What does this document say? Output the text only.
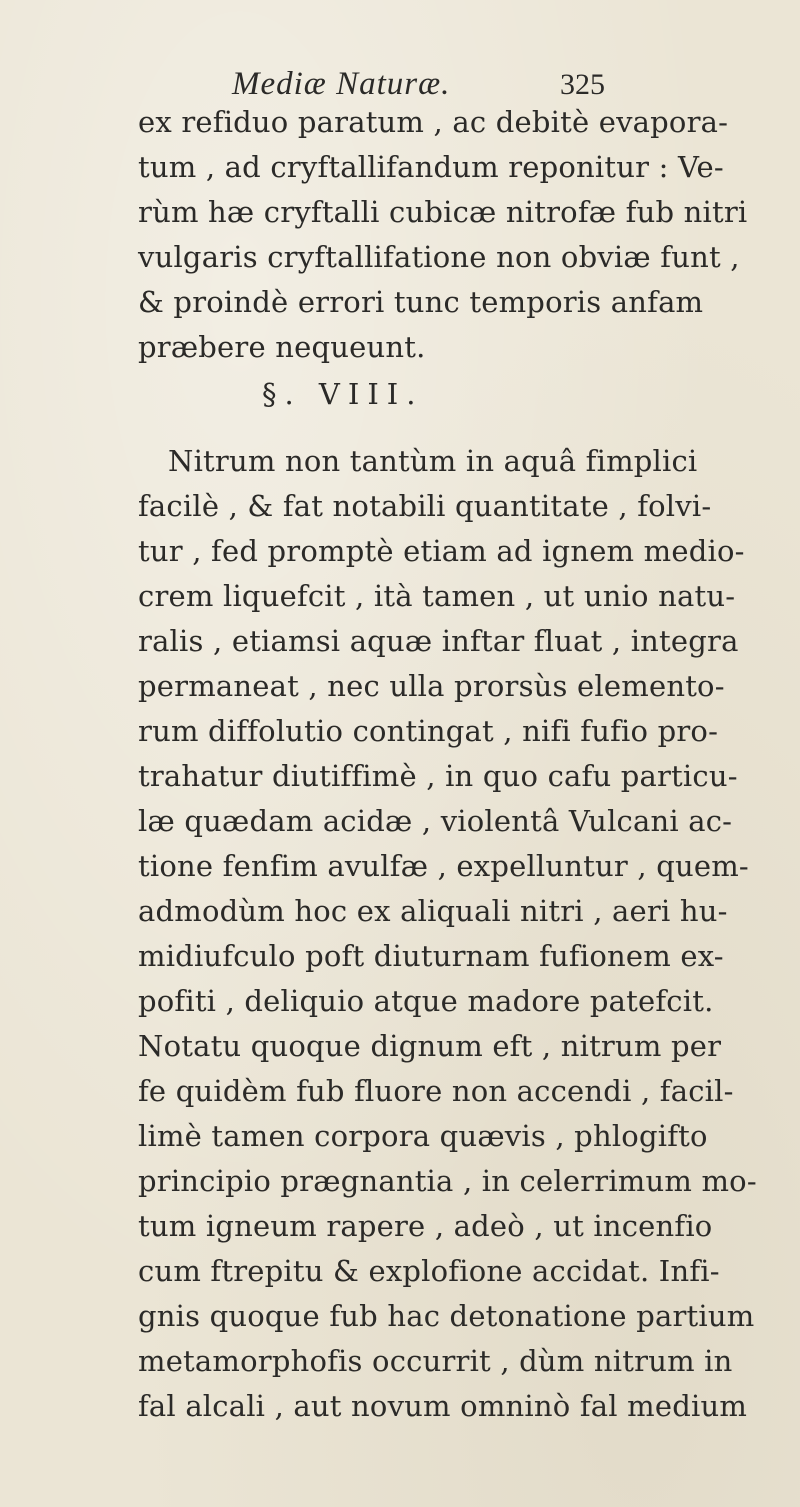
Mediæ Naturæ.	325
ex refiduo paratum , ac debitè evapora-
tum , ad cryftallifandum reponitur : Ve-
rùm hæ cryftalli cubicæ nitrofæ fub nitri
vulgaris cryftallifatione non obviæ funt ,
& proindè errori tunc temporis anfam
præbere nequeunt.
§. VIII.
Nitrum non tantùm in aquâ fimplici
facilè , & fat notabili quantitate , folvi-
tur , fed promptè etiam ad ignem medio-
crem liquefcit , ità tamen , ut unio natu-
ralis , etiamsi aquæ inftar fluat , integra
permaneat , nec ulla prorsùs elemento-
rum diffolutio contingat , nifi fufio pro-
trahatur diutiffimè , in quo cafu particu-
læ quædam acidæ , violentâ Vulcani ac-
tione fenfim avulfæ , expelluntur , quem-
admodùm hoc ex aliquali nitri , aeri hu-
midiufculo poft diuturnam fufionem ex-
pofiti , deliquio atque madore patefcit.
Notatu quoque dignum eft , nitrum per
fe quidèm fub fluore non accendi , facil-
limè tamen corpora quævis , phlogifto
principio prægnantia , in celerrimum mo-
tum igneum rapere , adeò , ut incenfio
cum ftrepitu & explofione accidat. Infi-
gnis quoque fub hac detonatione partium
metamorphofis occurrit , dùm nitrum in
fal alcali , aut novum omninò fal medium
